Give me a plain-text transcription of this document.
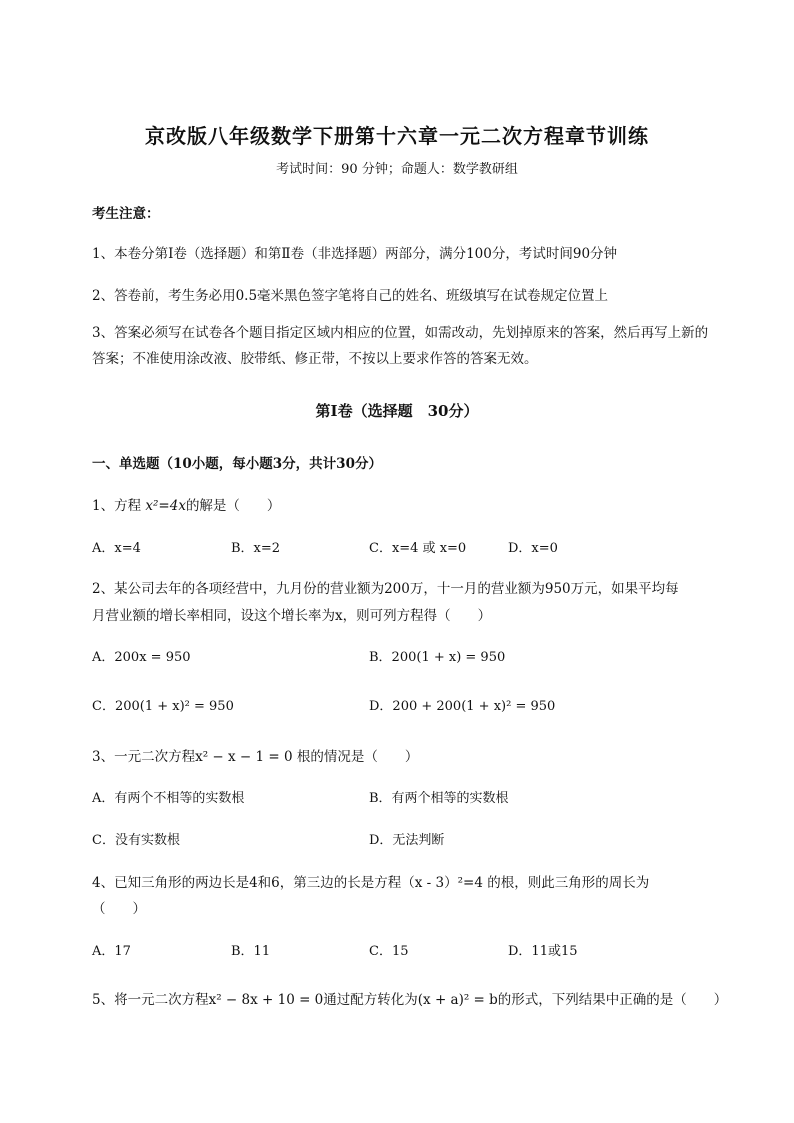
京改版八年级数学下册第十六章一元二次方程章节训练
考试时间：90 分钟；命题人：数学教研组
考生注意：
1、本卷分第Ⅰ卷（选择题）和第Ⅱ卷（非选择题）两部分，满分100分，考试时间90分钟
2、答卷前，考生务必用0.5毫米黑色签字笔将自己的姓名、班级填写在试卷规定位置上
3、答案必须写在试卷各个题目指定区域内相应的位置，如需改动，先划掉原来的答案，然后再写上新的答案；不准使用涂改液、胶带纸、修正带，不按以上要求作答的答案无效。
第Ⅰ卷（选择题　30分）
一、单选题（10小题，每小题3分，共计30分）
1、方程 x²=4x的解是（　　）
A．x=4	B．x=2	C．x=4 或 x=0	D．x=0
2、某公司去年的各项经营中，九月份的营业额为200万，十一月的营业额为950万元，如果平均每
月营业额的增长率相同，设这个增长率为x，则可列方程得（　　）
A．200x = 950	B．200(1 + x) = 950
C．200(1 + x)² = 950	D．200 + 200(1 + x)² = 950
3、一元二次方程x² − x − 1 = 0 根的情况是（　　）
A．有两个不相等的实数根	B．有两个相等的实数根
C．没有实数根	D．无法判断
4、已知三角形的两边长是4和6，第三边的长是方程（x - 3）²=4 的根，则此三角形的周长为
（　　）
A．17	B．11	C．15	D．11或15
5、将一元二次方程x² − 8x + 10 = 0通过配方转化为(x + a)² = b的形式，下列结果中正确的是（　　）
